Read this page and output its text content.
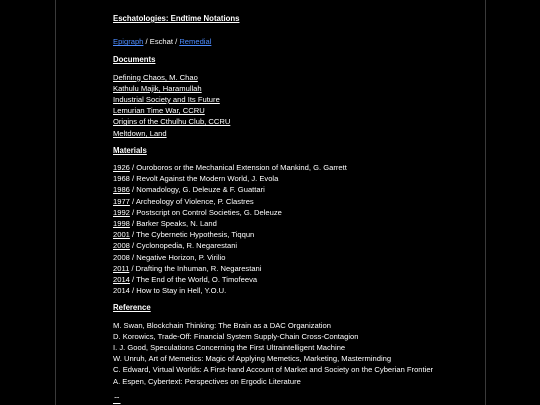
Eschatologies: Endtime Notations
Epigraph / Eschat / Remedial
Documents
Defining Chaos, M. Chao
Kathulu Majik, Haramullah
Industrial Society and Its Future
Lemurian Time War, CCRU
Origins of the Cthulhu Club, CCRU
Meltdown, Land
Materials
1926 / Ouroboros or the Mechanical Extension of Mankind, G. Garrett
1968 / Revolt Against the Modern World, J. Evola
1986 / Nomadology, G. Deleuze & F. Guattari
1977 / Archeology of Violence, P. Clastres
1992 / Postscript on Control Societies, G. Deleuze
1998 / Barker Speaks, N. Land
2001 / The Cybernetic Hypothesis, Tiqqun
2008 / Cyclonopedia, R. Negarestani
2008 / Negative Horizon, P. Virilio
2011 / Drafting the Inhuman, R. Negarestani
2014 / The End of the World, O. Timofeeva
2014 / How to Stay in Hell, Y.O.U.
Reference
M. Swan, Blockchain Thinking: The Brain as a DAC Organization
D. Korowics, Trade-Off: Financial System Supply-Chain Cross-Contagion
I. J. Good, Speculations Concerning the First Ultraintelligent Machine
W. Unruh, Art of Memetics: Magic of Applying Memetics, Marketing, Masterminding
C. Edward, Virtual Worlds: A First-hand Account of Market and Society on the Cyberian Frontier
A. Espen, Cybertext: Perspectives on Ergodic Literature
⌔
